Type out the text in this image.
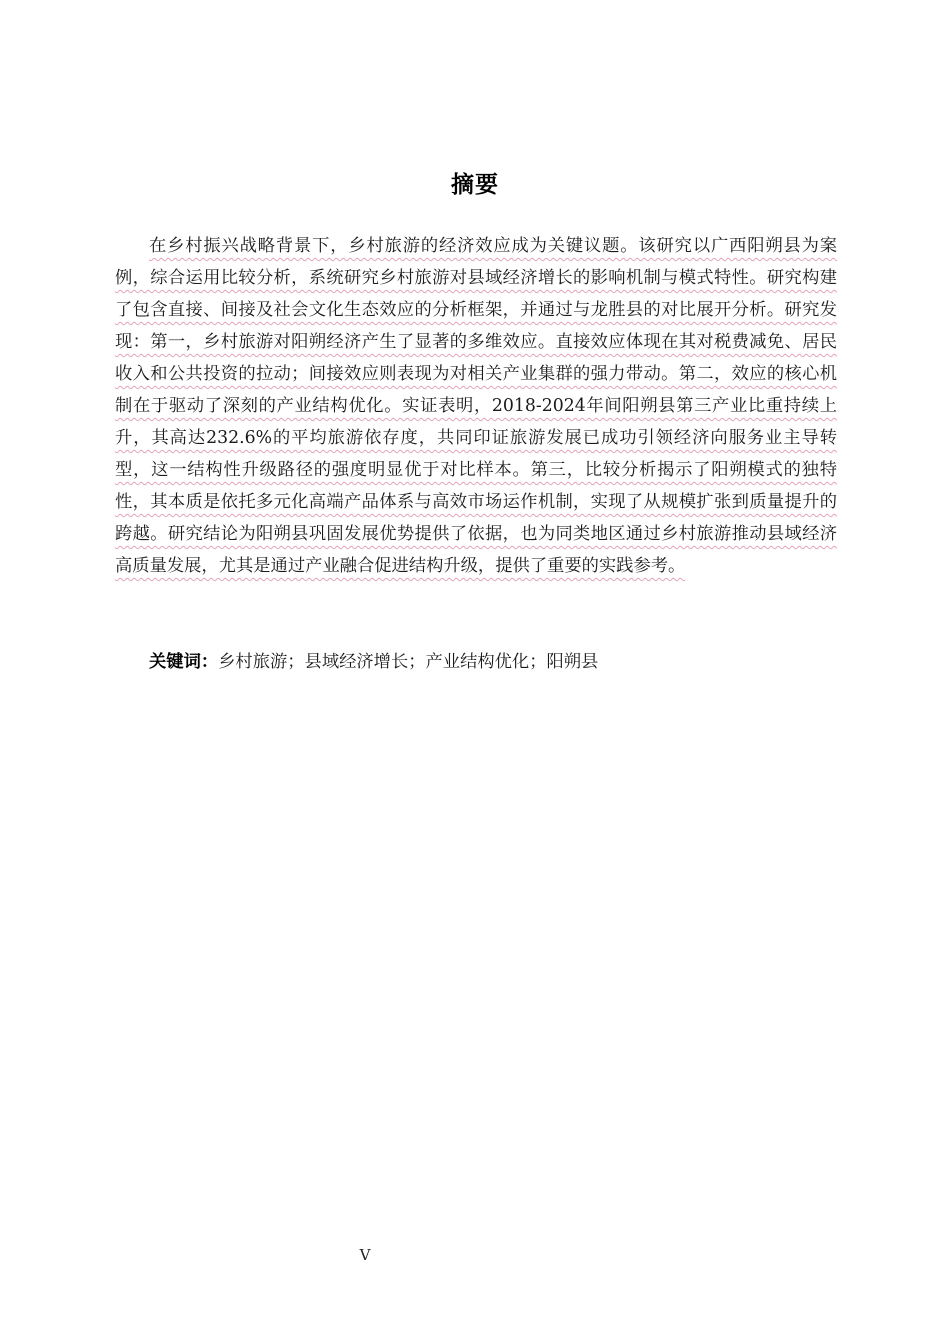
摘要

在乡村振兴战略背景下，乡村旅游的经济效应成为关键议题。该研究以广西阳朔县为案例，综合运用比较分析，系统研究乡村旅游对县域经济增长的影响机制与模式特性。研究构建了包含直接、间接及社会文化生态效应的分析框架，并通过与龙胜县的对比展开分析。研究发现：第一，乡村旅游对阳朔经济产生了显著的多维效应。直接效应体现在其对税费减免、居民收入和公共投资的拉动；间接效应则表现为对相关产业集群的强力带动。第二，效应的核心机制在于驱动了深刻的产业结构优化。实证表明，2018-2024年间阳朔县第三产业比重持续上升，其高达232.6%的平均旅游依存度，共同印证旅游发展已成功引领经济向服务业主导转型，这一结构性升级路径的强度明显优于对比样本。第三，比较分析揭示了阳朔模式的独特性，其本质是依托多元化高端产品体系与高效市场运作机制，实现了从规模扩张到质量提升的跨越。研究结论为阳朔县巩固发展优势提供了依据，也为同类地区通过乡村旅游推动县域经济高质量发展，尤其是通过产业融合促进结构升级，提供了重要的实践参考。

关键词：乡村旅游；县域经济增长；产业结构优化；阳朔县
V
